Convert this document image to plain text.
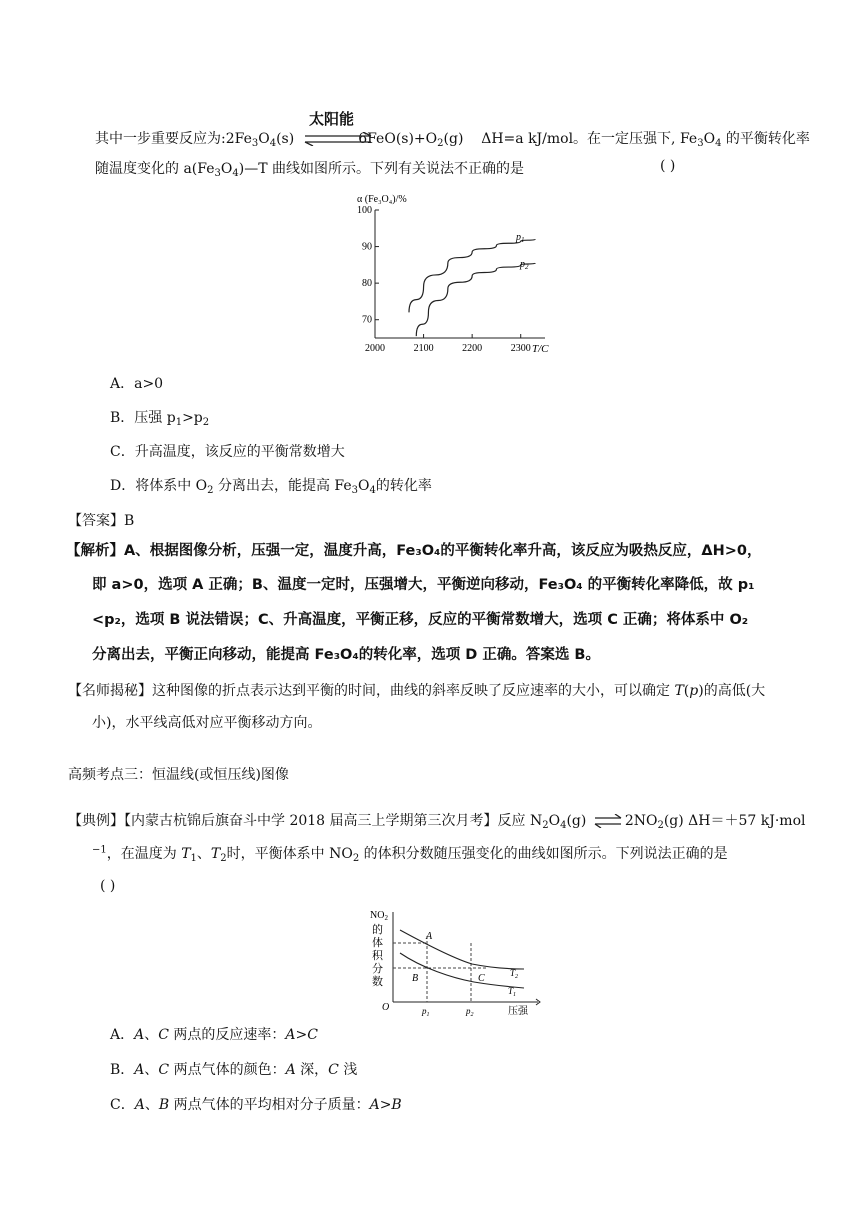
其中一步重要反应为$:2Fe_3O_4(s)$	$6FeO(s)+O_2(g)$ ΔH=a kJ/mol。在一定压强下, $Fe_3O_4$ 的平衡转化率
太阳能
随温度变化的 $a(Fe_3O_4)—T$ 曲线如图所示。下列有关说法不正确的是	( )
α (Fe₃O₄)/%
70
80
90
100
2000	2100	2200	2300
$p_1$
$p_2$
T/C
A．a>0
B．压强 $p_1>p_2$
C．升高温度，该反应的平衡常数增大
D．将体系中 $O_2$ 分离出去，能提高 $Fe_3O_4$的转化率
【答案】B
【解析】A、根据图像分析，压强一定，温度升高，Fe₃O₄的平衡转化率升高，该反应为吸热反应，ΔH>0，
即 a>0，选项 A 正确；B、温度一定时，压强增大，平衡逆向移动，Fe₃O₄ 的平衡转化率降低，故 p₁
<p₂，选项 B 说法错误；C、升高温度，平衡正移，反应的平衡常数增大，选项 C 正确；将体系中 O₂
分离出去，平衡正向移动，能提高 Fe₃O₄的转化率，选项 D 正确。答案选 B。
【名师揭秘】这种图像的折点表示达到平衡的时间，曲线的斜率反映了反应速率的大小，可以确定 T(p)的高低(大
小)，水平线高低对应平衡移动方向。
高频考点三：恒温线(或恒压线)图像
【典例】【内蒙古杭锦后旗奋斗中学 2018 届高三上学期第三次月考】反应 $N_2O_4(g)$ ⇌ $2NO_2(g)$ ΔH＝＋57 kJ·mol
$^{-1}$，在温度为 $T_1$、$T_2$时，平衡体系中 $NO_2$ 的体积分数随压强变化的曲线如图所示。下列说法正确的是
( )
$NO_2$
的
体
积
分
数
A
B	C	$T_2$
$T_1$
O	$p_1$	$p_2$	压强
A．A、C 两点的反应速率：A>C
B．A、C 两点气体的颜色：A 深，C 浅
C．A、B 两点气体的平均相对分子质量：A>B
